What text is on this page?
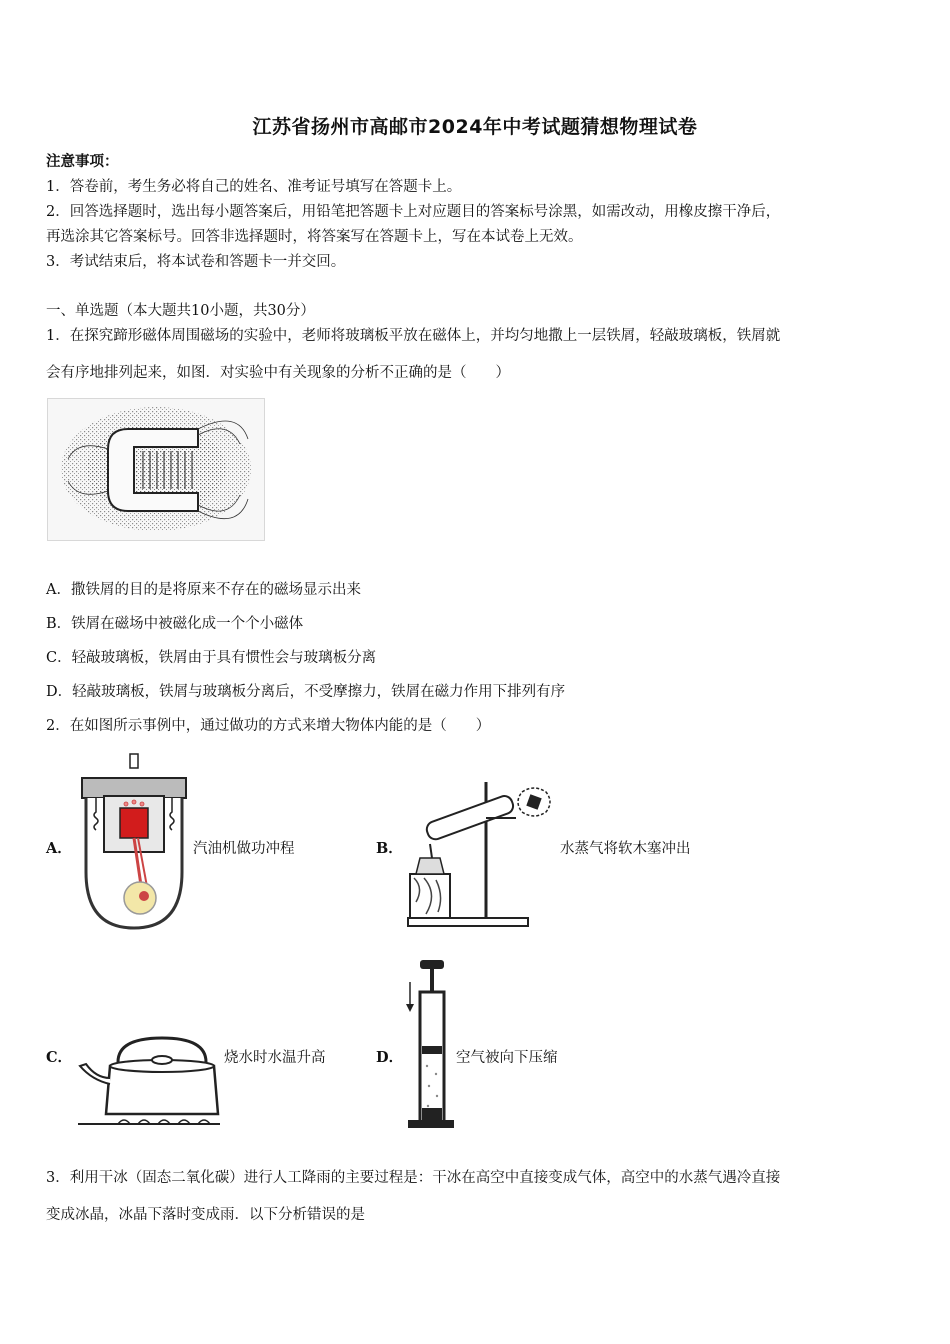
江苏省扬州市高邮市2024年中考试题猜想物理试卷
注意事项：
1．答卷前，考生务必将自己的姓名、准考证号填写在答题卡上。
2．回答选择题时，选出每小题答案后，用铅笔把答题卡上对应题目的答案标号涂黑，如需改动，用橡皮擦干净后，
再选涂其它答案标号。回答非选择题时，将答案写在答题卡上，写在本试卷上无效。
3．考试结束后，将本试卷和答题卡一并交回。
一、单选题（本大题共10小题，共30分）
1．在探究蹄形磁体周围磁场的实验中，老师将玻璃板平放在磁体上，并均匀地撒上一层铁屑，轻敲玻璃板，铁屑就
会有序地排列起来，如图．对实验中有关现象的分析不正确的是（　　）
A．撒铁屑的目的是将原来不存在的磁场显示出来
B．铁屑在磁场中被磁化成一个个小磁体
C．轻敲玻璃板，铁屑由于具有惯性会与玻璃板分离
D．轻敲玻璃板，铁屑与玻璃板分离后，不受摩擦力，铁屑在磁力作用下排列有序
2．在如图所示事例中，通过做功的方式来增大物体内能的是（　　）
A．	汽油机做功冲程	B．	水蒸气将软木塞冲出
C．	烧水时水温升高	D．	空气被向下压缩
3．利用干冰（固态二氧化碳）进行人工降雨的主要过程是：干冰在高空中直接变成气体，高空中的水蒸气遇冷直接
变成冰晶，冰晶下落时变成雨．以下分析错误的是
